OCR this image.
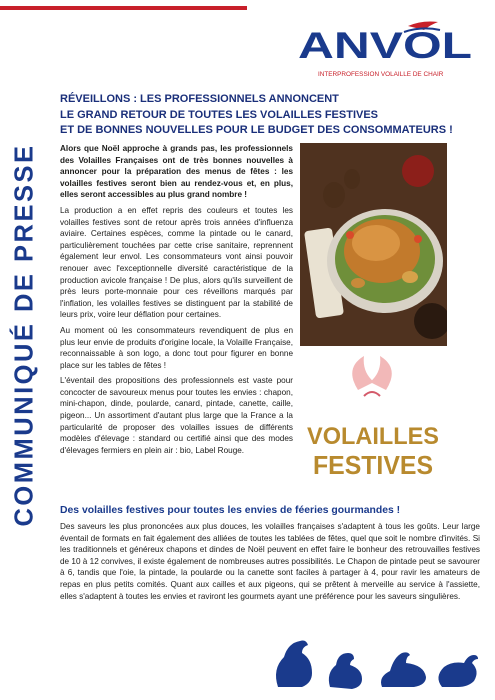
ANVOL
INTERPROFESSION VOLAILLE DE CHAIR
COMMUNIQUÉ DE PRESSE
RÉVEILLONS : LES PROFESSIONNELS ANNONCENT
LE GRAND RETOUR DE TOUTES LES VOLAILLES FESTIVES
ET DE BONNES NOUVELLES POUR LE BUDGET DES CONSOMMATEURS !

Alors que Noël approche à grands pas, les professionnels des Volailles Françaises ont de très bonnes nouvelles à annoncer pour la préparation des menus de fêtes : les volailles festives seront bien au rendez-vous et, en plus, elles seront accessibles au plus grand nombre !

La production a en effet repris des couleurs et toutes les volailles festives sont de retour après trois années d'influenza aviaire. Certaines espèces, comme la pintade ou le canard, particulièrement touchées par cette crise sanitaire, reprennent également leur envol. Les consommateurs vont ainsi pouvoir renouer avec l'exceptionnelle diversité caractéristique de la production avicole française ! De plus, alors qu'ils surveillent de près leurs porte-monnaie pour ces réveillons marqués par l'inflation, les volailles festives se distinguent par la stabilité de leurs prix, voire leur déflation pour certaines.

Au moment où les consommateurs revendiquent de plus en plus leur envie de produits d'origine locale, la Volaille Française, reconnaissable à son logo, a donc tout pour figurer en bonne place sur les tables de fêtes !

L'éventail des propositions des professionnels est vaste pour concocter de savoureux menus pour toutes les envies : chapon, mini-chapon, dinde, poularde, canard, pintade, canette, caille, pigeon... Un assortiment d'autant plus large que la France a la particularité de proposer des volailles issues de différents modèles d'élevage : standard ou certifié ainsi que des modes d'élevages fermiers en plein air : bio, Label Rouge.

VOLAILLES
FESTIVES
Des volailles festives pour toutes les envies de féeries gourmandes !

Des saveurs les plus prononcées aux plus douces, les volailles françaises s'adaptent à tous les goûts. Leur large éventail de formats en fait également des alliées de toutes les tablées de fêtes, quel que soit le nombre d'invités. Si les traditionnels et généreux chapons et dindes de Noël peuvent en effet faire le bonheur des retrouvailles festives de 10 à 12 convives, il existe également de nombreuses autres possibilités. Le Chapon de pintade peut se savourer à 6, tandis que l'oie, la pintade, la poularde ou la canette sont faciles à partager à 4, pour ravir les amateurs de repas en plus petits comités. Quant aux cailles et aux pigeons, qui se prêtent à merveille au service à l'assiette, elles s'adaptent à toutes les envies et raviront les gourmets ayant une préférence pour les saveurs singulières.
